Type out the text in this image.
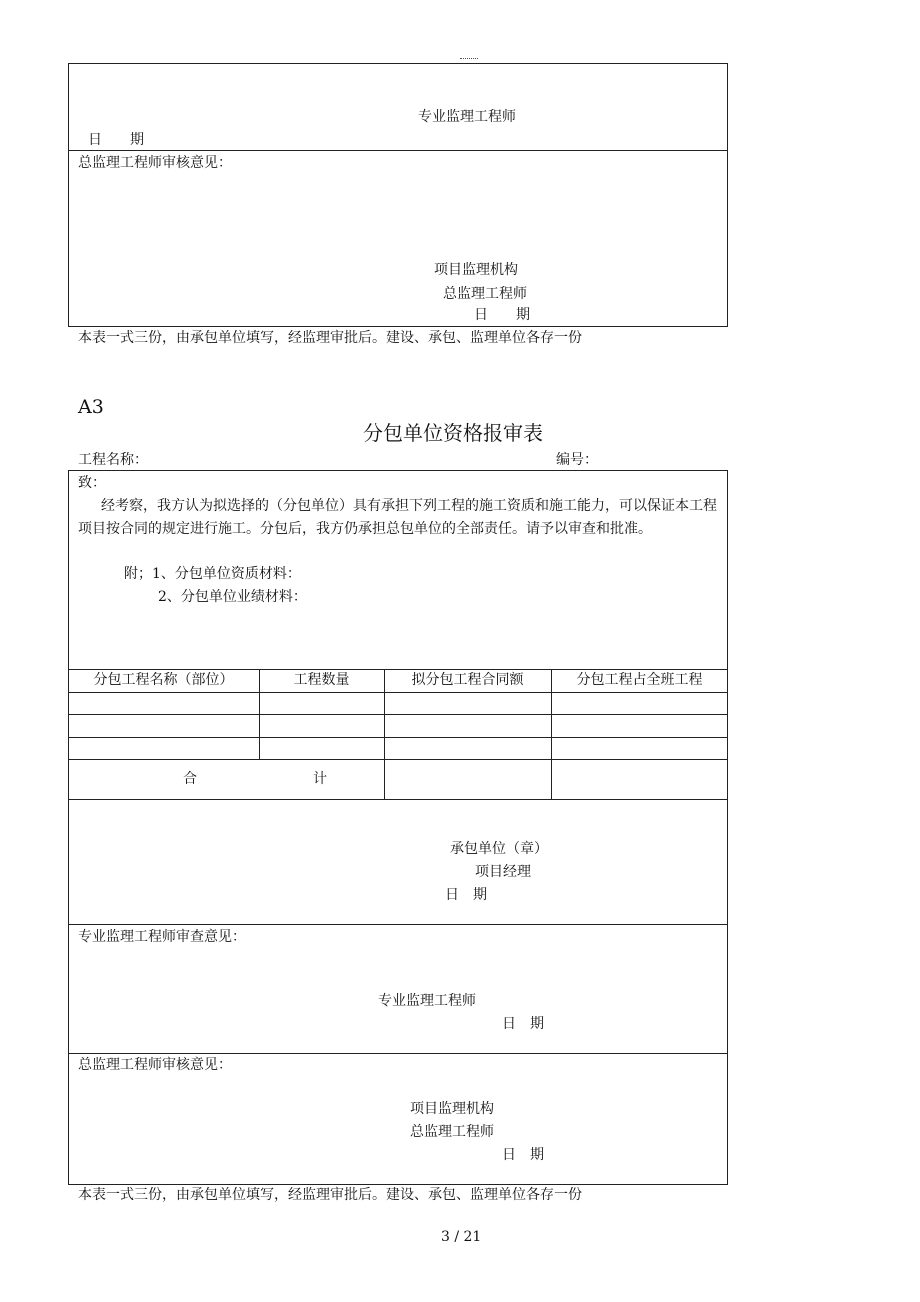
专业监理工程师
日　　期
总监理工程师审核意见：
项目监理机构
总监理工程师
日　　期
本表一式三份，由承包单位填写，经监理审批后。建设、承包、监理单位各存一份
A3
分包单位资格报审表
工程名称：	编号：
致：
经考察，我方认为拟选择的（分包单位）具有承担下列工程的施工资质和施工能力，可以保证本工程项目按合同的规定进行施工。分包后，我方仍承担总包单位的全部责任。请予以审查和批准。
附；1、分包单位资质材料：
2、分包单位业绩材料：
分包工程名称（部位）	工程数量	拟分包工程合同额	分包工程占全班工程
合	计
承包单位（章）
项目经理
日　期
专业监理工程师审查意见：
专业监理工程师
日　期
总监理工程师审核意见：
项目监理机构
总监理工程师
日　期
本表一式三份，由承包单位填写，经监理审批后。建设、承包、监理单位各存一份
3 / 21
